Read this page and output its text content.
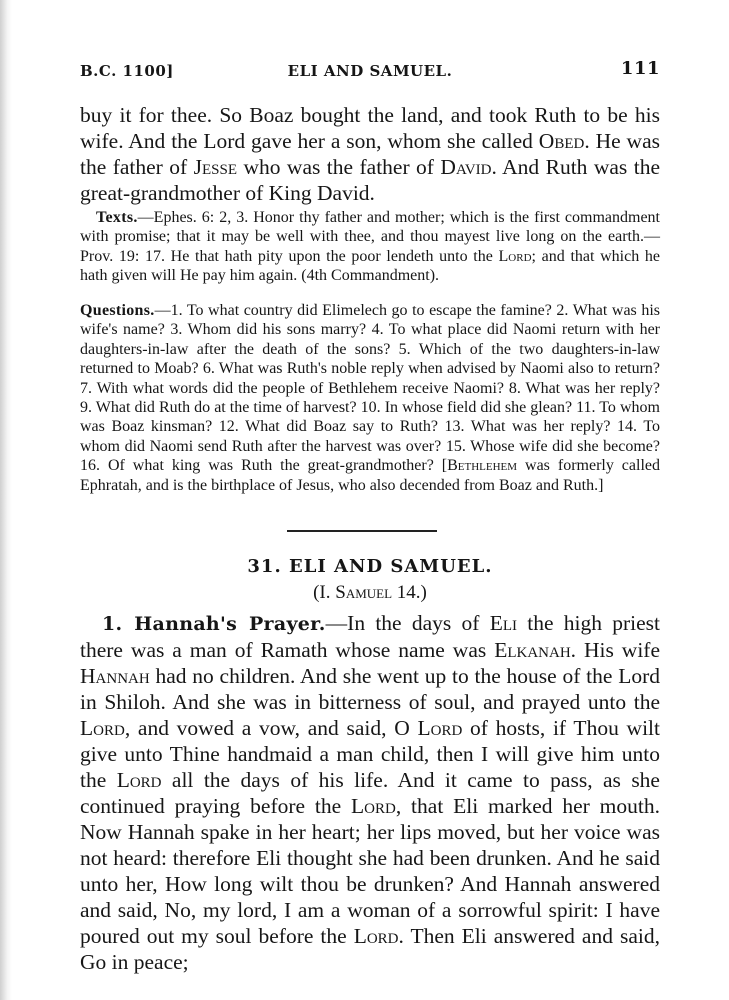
B.C. 1100]	ELI AND SAMUEL.	111

buy it for thee. So Boaz bought the land, and took Ruth to be his wife. And the Lord gave her a son, whom she called Obed. He was the father of Jesse who was the father of David. And Ruth was the great-grandmother of King David.

Texts.—Ephes. 6: 2, 3. Honor thy father and mother; which is the first commandment with promise; that it may be well with thee, and thou mayest live long on the earth.—Prov. 19: 17. He that hath pity upon the poor lendeth unto the Lord; and that which he hath given will He pay him again. (4th Commandment).

Questions.—1. To what country did Elimelech go to escape the famine? 2. What was his wife's name? 3. Whom did his sons marry? 4. To what place did Naomi return with her daughters-in-law after the death of the sons? 5. Which of the two daughters-in-law returned to Moab? 6. What was Ruth's noble reply when advised by Naomi also to return? 7. With what words did the people of Bethlehem receive Naomi? 8. What was her reply? 9. What did Ruth do at the time of harvest? 10. In whose field did she glean? 11. To whom was Boaz kinsman? 12. What did Boaz say to Ruth? 13. What was her reply? 14. To whom did Naomi send Ruth after the harvest was over? 15. Whose wife did she become? 16. Of what king was Ruth the great-grandmother? [Bethlehem was formerly called Ephratah, and is the birthplace of Jesus, who also decended from Boaz and Ruth.]

31. ELI AND SAMUEL.
(I. Samuel 14.)

1. Hannah's Prayer.—In the days of Eli the high priest there was a man of Ramath whose name was Elkanah. His wife Hannah had no children. And she went up to the house of the Lord in Shiloh. And she was in bitterness of soul, and prayed unto the Lord, and vowed a vow, and said, O Lord of hosts, if Thou wilt give unto Thine handmaid a man child, then I will give him unto the Lord all the days of his life. And it came to pass, as she continued praying before the Lord, that Eli marked her mouth. Now Hannah spake in her heart; her lips moved, but her voice was not heard: therefore Eli thought she had been drunken. And he said unto her, How long wilt thou be drunken? And Hannah answered and said, No, my lord, I am a woman of a sorrowful spirit: I have poured out my soul before the Lord. Then Eli answered and said, Go in peace;
